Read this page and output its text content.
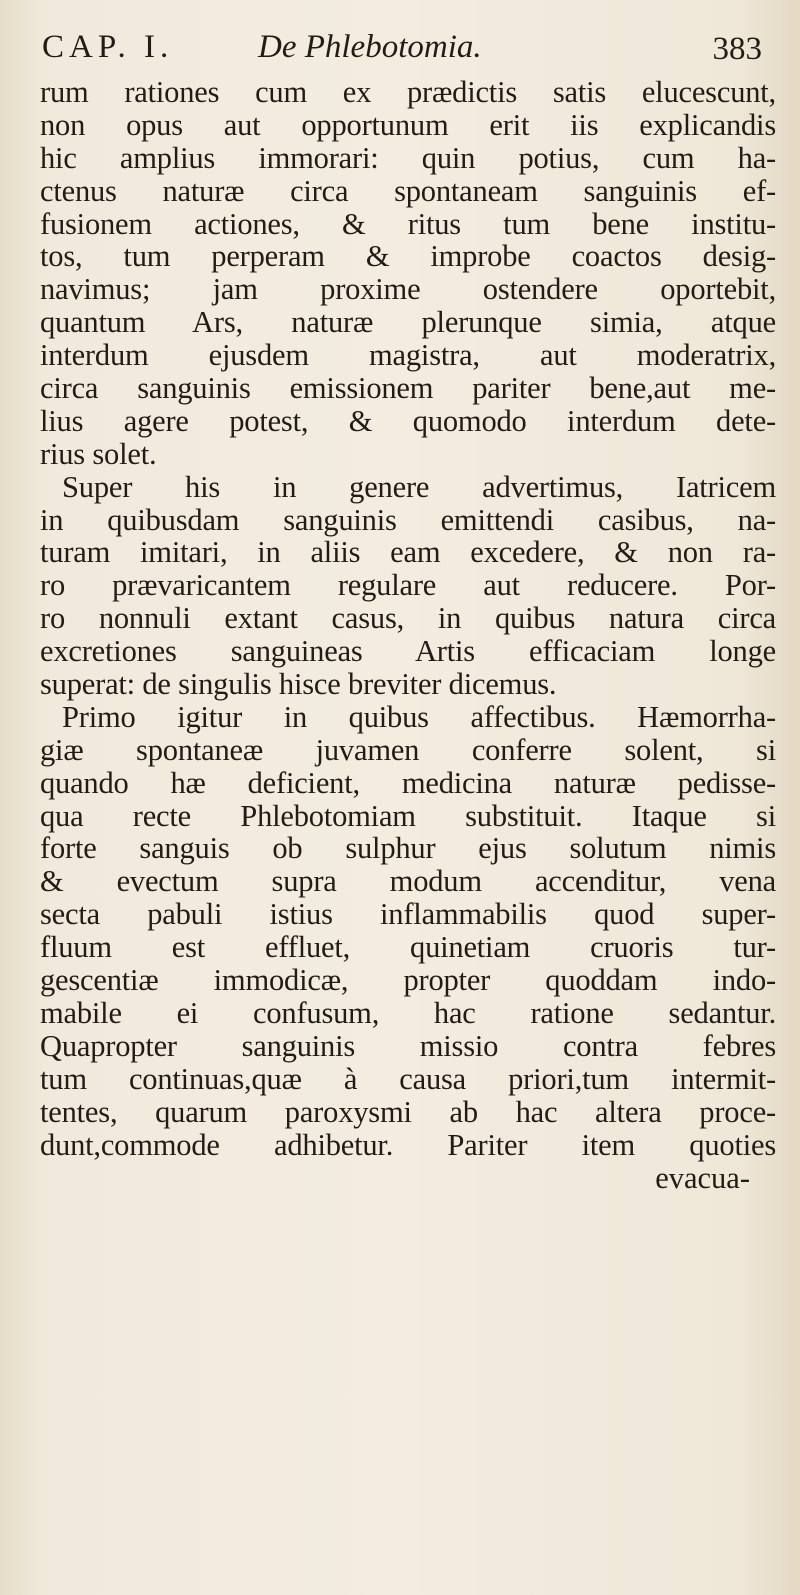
CAP. I.	De Phlebotomia.	383
rum rationes cum ex prædictis satis elucescunt,
non opus aut opportunum erit iis explicandis
hic amplius immorari: quin potius, cum ha-
ctenus naturæ circa spontaneam sanguinis ef-
fusionem actiones, & ritus tum bene institu-
tos, tum perperam & improbe coactos desig-
navimus; jam proxime ostendere oportebit,
quantum Ars, naturæ plerunque simia, atque
interdum ejusdem magistra, aut moderatrix,
circa sanguinis emissionem pariter bene,aut me-
lius agere potest, & quomodo interdum dete-
rius solet.
Super his in genere advertimus, Iatricem
in quibusdam sanguinis emittendi casibus, na-
turam imitari, in aliis eam excedere, & non ra-
ro prævaricantem regulare aut reducere. Por-
ro nonnuli extant casus, in quibus natura circa
excretiones sanguineas Artis efficaciam longe
superat: de singulis hisce breviter dicemus.
Primo igitur in quibus affectibus. Hæmorrha-
giæ spontaneæ juvamen conferre solent, si
quando hæ deficient, medicina naturæ pedisse-
qua recte Phlebotomiam substituit. Itaque si
forte sanguis ob sulphur ejus solutum nimis
& evectum supra modum accenditur, vena
secta pabuli istius inflammabilis quod super-
fluum est effluet, quinetiam cruoris tur-
gescentiæ immodicæ, propter quoddam indo-
mabile ei confusum, hac ratione sedantur.
Quapropter sanguinis missio contra febres
tum continuas,quæ à causa priori,tum intermit-
tentes, quarum paroxysmi ab hac altera proce-
dunt,commode adhibetur. Pariter item quoties
evacua-
